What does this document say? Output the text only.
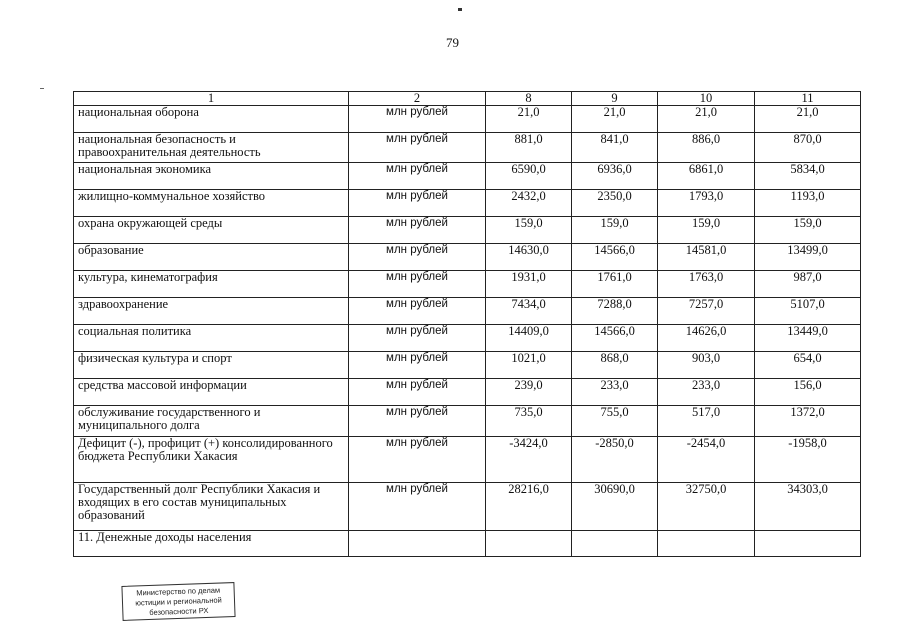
79
1	2	8	9	10	11
национальная оборона	млн рублей	21,0	21,0	21,0	21,0
национальная безопасность и правоохранительная деятельность	млн рублей	881,0	841,0	886,0	870,0
национальная экономика	млн рублей	6590,0	6936,0	6861,0	5834,0
жилищно-коммунальное хозяйство	млн рублей	2432,0	2350,0	1793,0	1193,0
охрана окружающей среды	млн рублей	159,0	159,0	159,0	159,0
образование	млн рублей	14630,0	14566,0	14581,0	13499,0
культура, кинематография	млн рублей	1931,0	1761,0	1763,0	987,0
здравоохранение	млн рублей	7434,0	7288,0	7257,0	5107,0
социальная политика	млн рублей	14409,0	14566,0	14626,0	13449,0
физическая культура и спорт	млн рублей	1021,0	868,0	903,0	654,0
средства массовой информации	млн рублей	239,0	233,0	233,0	156,0
обслуживание государственного и муниципального долга	млн рублей	735,0	755,0	517,0	1372,0
Дефицит (-), профицит (+) консолидированного бюджета Республики Хакасия	млн рублей	-3424,0	-2850,0	-2454,0	-1958,0
Государственный долг Республики Хакасия и входящих в его состав муниципальных образований	млн рублей	28216,0	30690,0	32750,0	34303,0
11. Денежные доходы населения					
Министерство по делам
юстиции и региональной
безопасности РХ
